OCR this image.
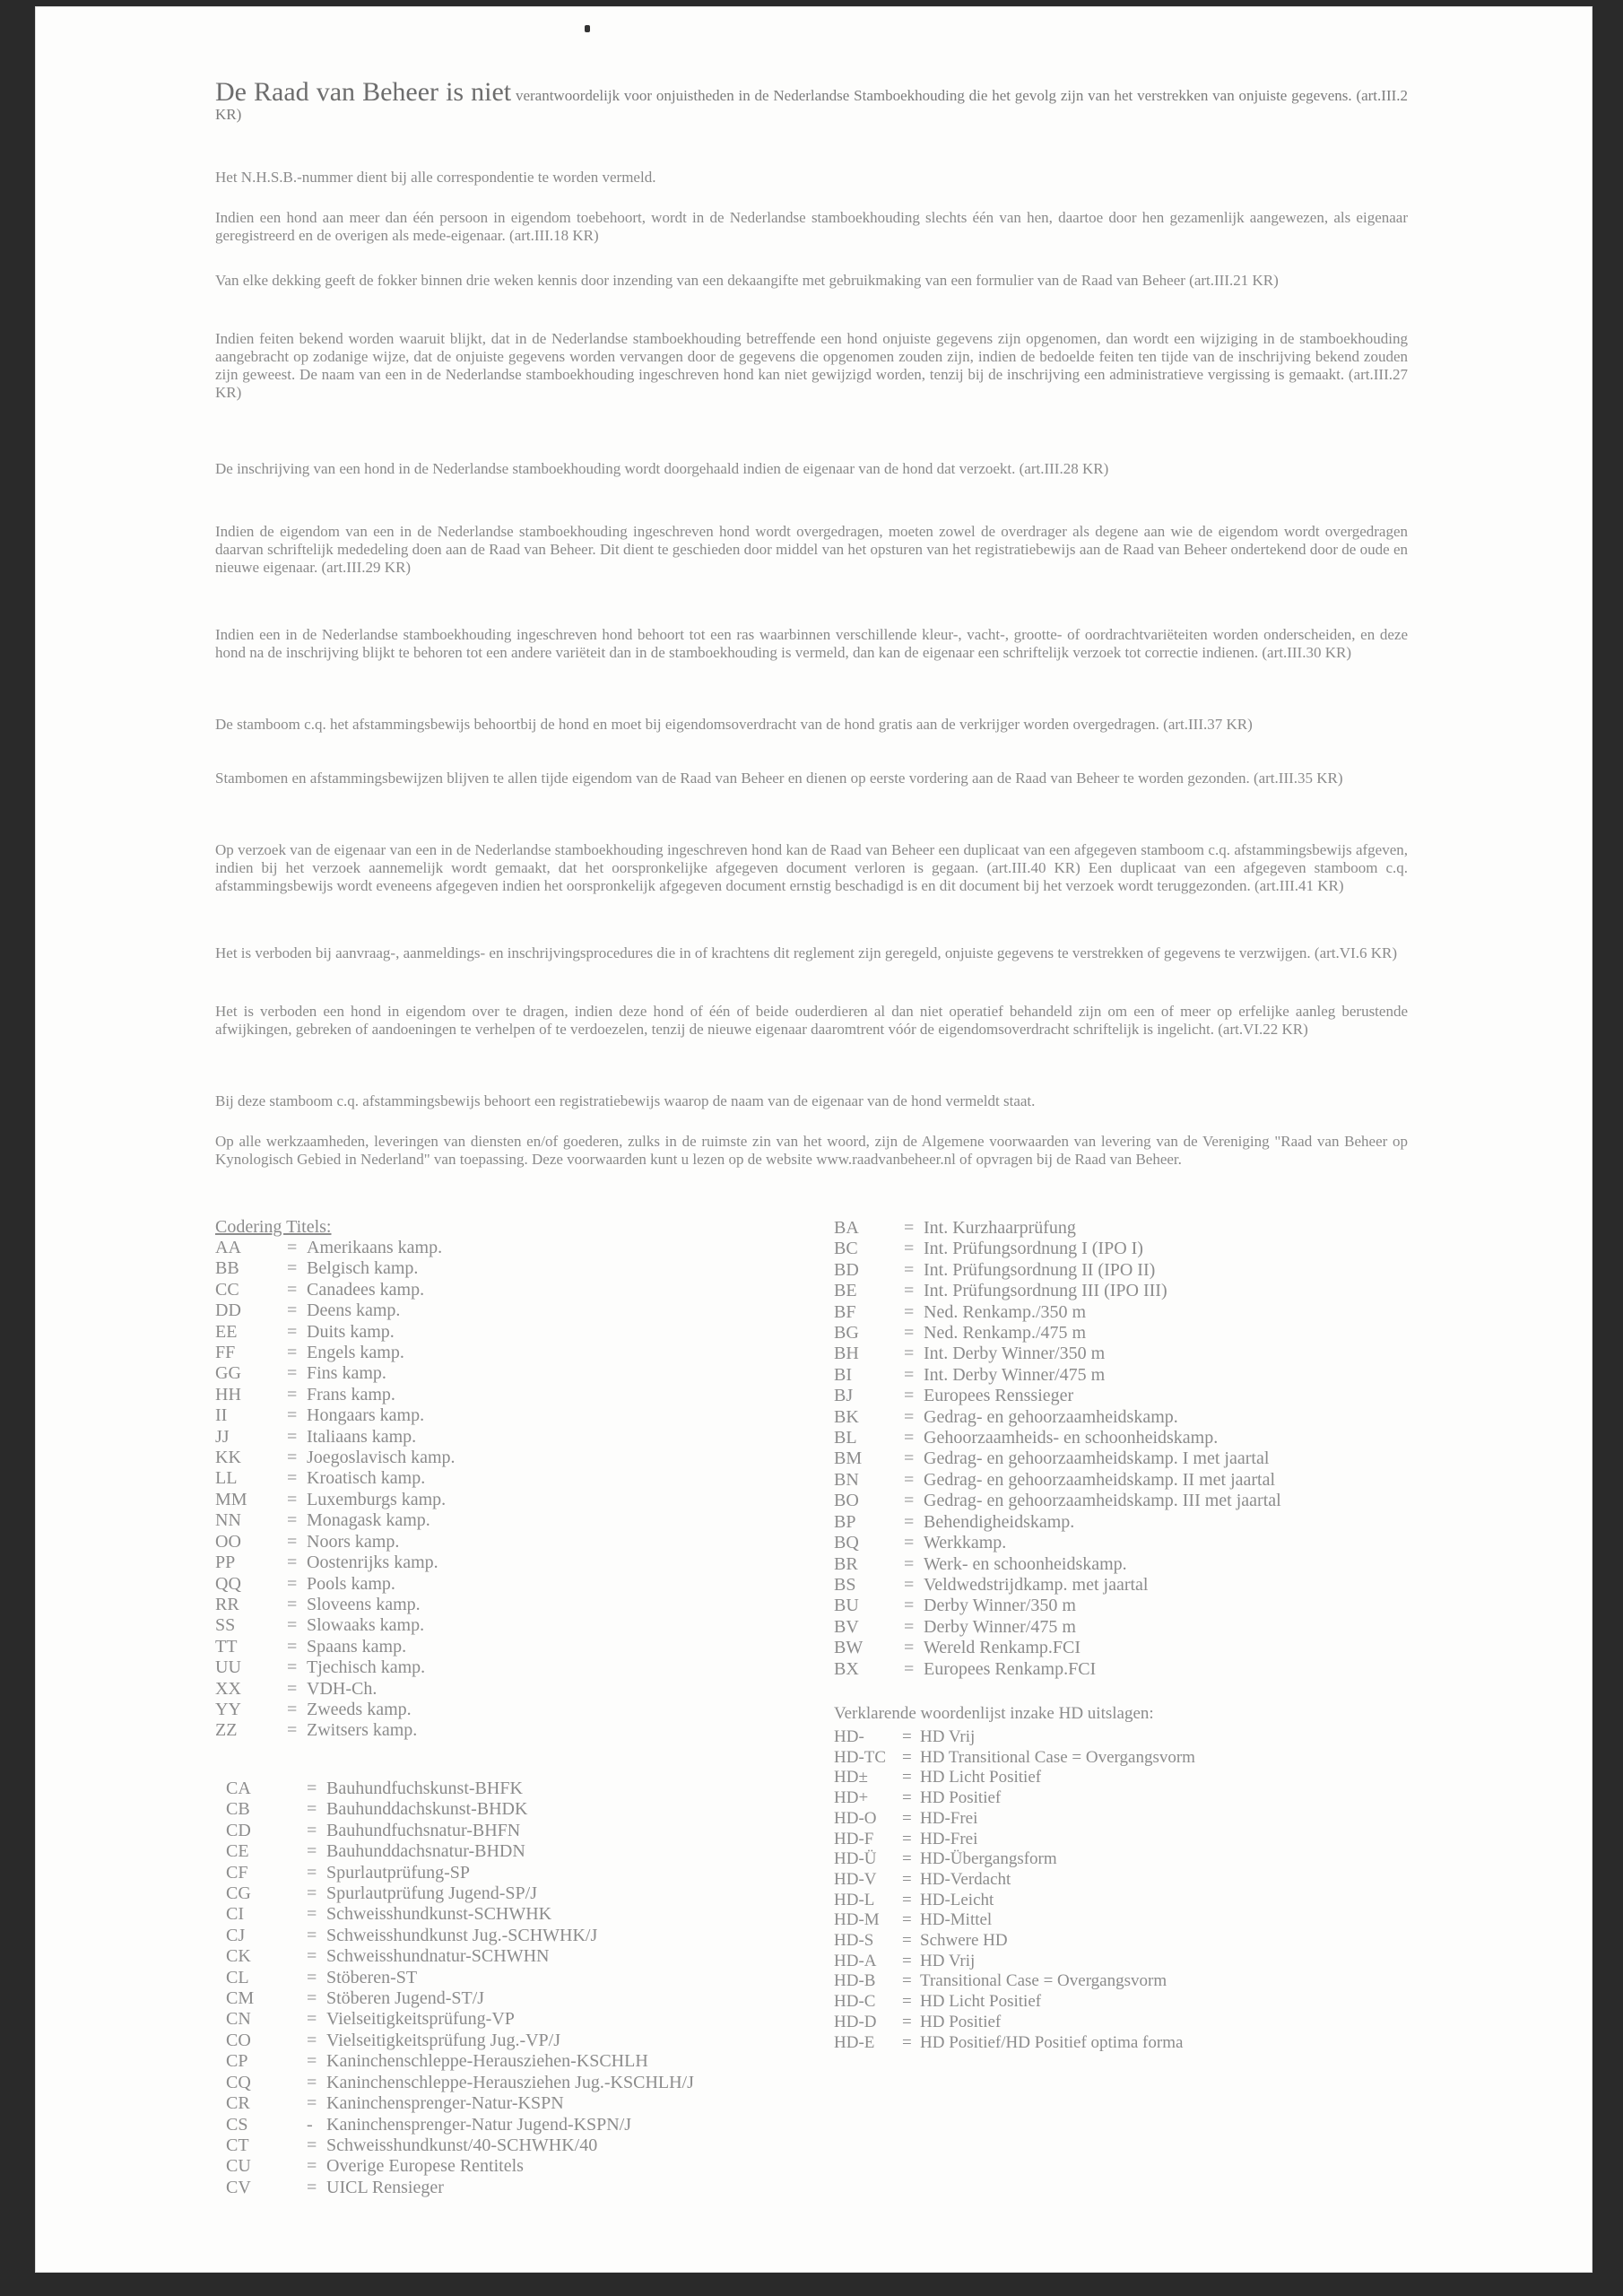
De Raad van Beheer is niet verantwoordelijk voor onjuistheden in de Nederlandse Stamboekhouding die het gevolg zijn van het verstrekken van onjuiste gegevens. (art.III.2 KR)

Het N.H.S.B.-nummer dient bij alle correspondentie te worden vermeld.

Indien een hond aan meer dan één persoon in eigendom toebehoort, wordt in de Nederlandse stamboekhouding slechts één van hen, daartoe door hen gezamenlijk aangewezen, als eigenaar geregistreerd en de overigen als mede-eigenaar. (art.III.18 KR)

Van elke dekking geeft de fokker binnen drie weken kennis door inzending van een dekaangifte met gebruikmaking van een formulier van de Raad van Beheer (art.III.21 KR)

Indien feiten bekend worden waaruit blijkt, dat in de Nederlandse stamboekhouding betreffende een hond onjuiste gegevens zijn opgenomen, dan wordt een wijziging in de stamboekhouding aangebracht op zodanige wijze, dat de onjuiste gegevens worden vervangen door de gegevens die opgenomen zouden zijn, indien de bedoelde feiten ten tijde van de inschrijving bekend zouden zijn geweest. De naam van een in de Nederlandse stamboekhouding ingeschreven hond kan niet gewijzigd worden, tenzij bij de inschrijving een administratieve vergissing is gemaakt. (art.III.27 KR)

De inschrijving van een hond in de Nederlandse stamboekhouding wordt doorgehaald indien de eigenaar van de hond dat verzoekt. (art.III.28 KR)

Indien de eigendom van een in de Nederlandse stamboekhouding ingeschreven hond wordt overgedragen, moeten zowel de overdrager als degene aan wie de eigendom wordt overgedragen daarvan schriftelijk mededeling doen aan de Raad van Beheer. Dit dient te geschieden door middel van het opsturen van het registratiebewijs aan de Raad van Beheer ondertekend door de oude en nieuwe eigenaar. (art.III.29 KR)

Indien een in de Nederlandse stamboekhouding ingeschreven hond behoort tot een ras waarbinnen verschillende kleur-, vacht-, grootte- of oordrachtvariëteiten worden onderscheiden, en deze hond na de inschrijving blijkt te behoren tot een andere variëteit dan in de stamboekhouding is vermeld, dan kan de eigenaar een schriftelijk verzoek tot correctie indienen. (art.III.30 KR)

De stamboom c.q. het afstammingsbewijs behoortbij de hond en moet bij eigendomsoverdracht van de hond gratis aan de verkrijger worden overgedragen. (art.III.37 KR)

Stambomen en afstammingsbewijzen blijven te allen tijde eigendom van de Raad van Beheer en dienen op eerste vordering aan de Raad van Beheer te worden gezonden. (art.III.35 KR)

Op verzoek van de eigenaar van een in de Nederlandse stamboekhouding ingeschreven hond kan de Raad van Beheer een duplicaat van een afgegeven stamboom c.q. afstammingsbewijs afgeven, indien bij het verzoek aannemelijk wordt gemaakt, dat het oorspronkelijke afgegeven document verloren is gegaan. (art.III.40 KR) Een duplicaat van een afgegeven stamboom c.q. afstammingsbewijs wordt eveneens afgegeven indien het oorspronkelijk afgegeven document ernstig beschadigd is en dit document bij het verzoek wordt teruggezonden. (art.III.41 KR)

Het is verboden bij aanvraag-, aanmeldings- en inschrijvingsprocedures die in of krachtens dit reglement zijn geregeld, onjuiste gegevens te verstrekken of gegevens te verzwijgen. (art.VI.6 KR)

Het is verboden een hond in eigendom over te dragen, indien deze hond of één of beide ouderdieren al dan niet operatief behandeld zijn om een of meer op erfelijke aanleg berustende afwijkingen, gebreken of aandoeningen te verhelpen of te verdoezelen, tenzij de nieuwe eigenaar daaromtrent vóór de eigendomsoverdracht schriftelijk is ingelicht. (art.VI.22 KR)

Bij deze stamboom c.q. afstammingsbewijs behoort een registratiebewijs waarop de naam van de eigenaar van de hond vermeldt staat.

Op alle werkzaamheden, leveringen van diensten en/of goederen, zulks in de ruimste zin van het woord, zijn de Algemene voorwaarden van levering van de Vereniging "Raad van Beheer op Kynologisch Gebied in Nederland" van toepassing. Deze voorwaarden kunt u lezen op de website www.raadvanbeheer.nl of opvragen bij de Raad van Beheer.

Codering Titels:
AA	= Amerikaans kamp.
BB	= Belgisch kamp.
CC	= Canadees kamp.
DD	= Deens kamp.
EE	= Duits kamp.
FF	= Engels kamp.
GG	= Fins kamp.
HH	= Frans kamp.
II	= Hongaars kamp.
JJ	= Italiaans kamp.
KK	= Joegoslavisch kamp.
LL	= Kroatisch kamp.
MM	= Luxemburgs kamp.
NN	= Monagask kamp.
OO	= Noors kamp.
PP	= Oostenrijks kamp.
QQ	= Pools kamp.
RR	= Sloveens kamp.
SS	= Slowaaks kamp.
TT	= Spaans kamp.
UU	= Tjechisch kamp.
XX	= VDH-Ch.
YY	= Zweeds kamp.
ZZ	= Zwitsers kamp.
CA	= Bauhundfuchskunst-BHFK
CB	= Bauhunddachskunst-BHDK
CD	= Bauhundfuchsnatur-BHFN
CE	= Bauhunddachsnatur-BHDN
CF	= Spurlautprüfung-SP
CG	= Spurlautprüfung Jugend-SP/J
CI	= Schweisshundkunst-SCHWHK
CJ	= Schweisshundkunst Jug.-SCHWHK/J
CK	= Schweisshundnatur-SCHWHN
CL	= Stöberen-ST
CM	= Stöberen Jugend-ST/J
CN	= Vielseitigkeitsprüfung-VP
CO	= Vielseitigkeitsprüfung Jug.-VP/J
CP	= Kaninchenschleppe-Herausziehen-KSCHLH
CQ	= Kaninchenschleppe-Herausziehen Jug.-KSCHLH/J
CR	= Kaninchensprenger-Natur-KSPN
CS	- Kaninchensprenger-Natur Jugend-KSPN/J
CT	= Schweisshundkunst/40-SCHWHK/40
CU	= Overige Europese Rentitels
CV	= UICL Rensieger
BA	= Int. Kurzhaarprüfung
BC	= Int. Prüfungsordnung I (IPO I)
BD	= Int. Prüfungsordnung II (IPO II)
BE	= Int. Prüfungsordnung III (IPO III)
BF	= Ned. Renkamp./350 m
BG	= Ned. Renkamp./475 m
BH	= Int. Derby Winner/350 m
BI	= Int. Derby Winner/475 m
BJ	= Europees Renssieger
BK	= Gedrag- en gehoorzaamheidskamp.
BL	= Gehoorzaamheids- en schoonheidskamp.
BM	= Gedrag- en gehoorzaamheidskamp. I met jaartal
BN	= Gedrag- en gehoorzaamheidskamp. II met jaartal
BO	= Gedrag- en gehoorzaamheidskamp. III met jaartal
BP	= Behendigheidskamp.
BQ	= Werkkamp.
BR	= Werk- en schoonheidskamp.
BS	= Veldwedstrijdkamp. met jaartal
BU	= Derby Winner/350 m
BV	= Derby Winner/475 m
BW	= Wereld Renkamp.FCI
BX	= Europees Renkamp.FCI
Verklarende woordenlijst inzake HD uitslagen:
HD-	= HD Vrij
HD-TC = HD Transitional Case = Overgangsvorm
HD±	= HD Licht Positief
HD+	= HD Positief
HD-O	= HD-Frei
HD-F	= HD-Frei
HD-Ü	= HD-Übergangsform
HD-V	= HD-Verdacht
HD-L	= HD-Leicht
HD-M	= HD-Mittel
HD-S	= Schwere HD
HD-A	= HD Vrij
HD-B	= Transitional Case = Overgangsvorm
HD-C	= HD Licht Positief
HD-D	= HD Positief
HD-E	= HD Positief/HD Positief optima forma
